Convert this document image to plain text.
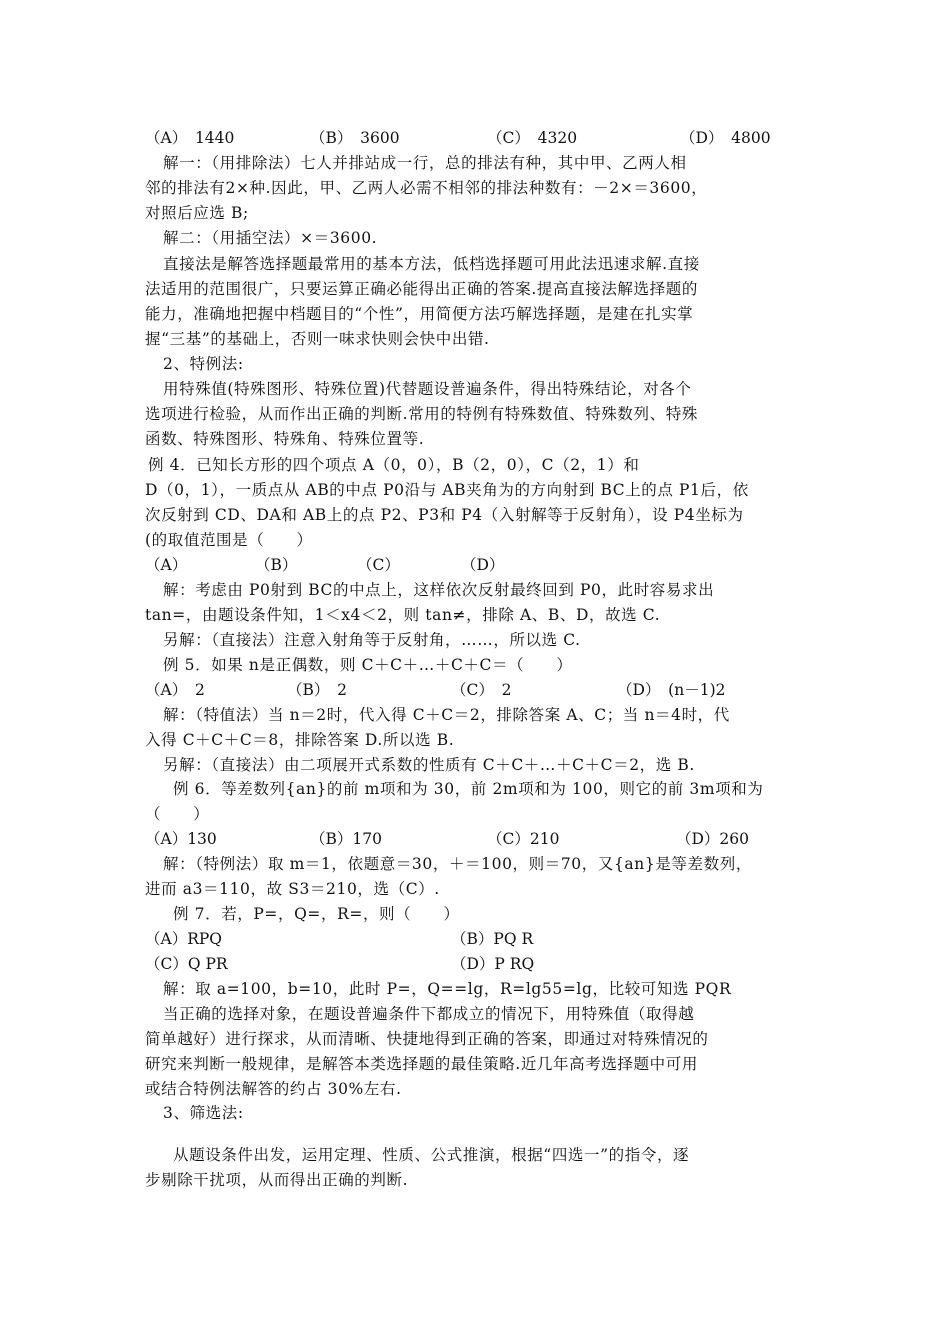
（A）　1440	（B）　3600	（C）　4320	（D）　4800
解一：（用排除法）七人并排站成一行，总的排法有种，其中甲、乙两人相
邻的排法有2×种.因此，甲、乙两人必需不相邻的排法种数有：－2×＝3600，
对照后应选 B;
解二：（用插空法）×＝3600.
直接法是解答选择题最常用的基本方法，低档选择题可用此法迅速求解.直接
法适用的范围很广，只要运算正确必能得出正确的答案.提高直接法解选择题的
能力，准确地把握中档题目的“个性”，用简便方法巧解选择题，是建在扎实掌
握“三基”的基础上，否则一味求快则会快中出错.
2、特例法:
用特殊值(特殊图形、特殊位置)代替题设普遍条件，得出特殊结论，对各个
选项进行检验，从而作出正确的判断.常用的特例有特殊数值、特殊数列、特殊
函数、特殊图形、特殊角、特殊位置等.
例 4．已知长方形的四个项点 A（0，0），B（2，0），C（2，1）和
D（0，1），一质点从 AB的中点 P0沿与 AB夹角为的方向射到 BC上的点 P1后，依
次反射到 CD、DA和 AB上的点 P2、P3和 P4（入射解等于反射角），设 P4坐标为
(的取值范围是（　　）
（A）	（B）	（C）	（D）
解：考虑由 P0射到 BC的中点上，这样依次反射最终回到 P0，此时容易求出
tan=，由题设条件知，1＜x4＜2，则 tan≠，排除 A、B、D，故选 C.
另解：（直接法）注意入射角等于反射角，……，所以选 C.
例 5．如果 n是正偶数，则 C＋C＋…＋C＋C＝（　　）
（A）　2	（B）　2	（C）　2	（D）　(n－1)2
解：（特值法）当 n＝2时，代入得 C＋C＝2，排除答案 A、C；当 n＝4时，代
入得 C＋C＋C＝8，排除答案 D.所以选 B.
另解：（直接法）由二项展开式系数的性质有 C＋C＋…＋C＋C＝2，选 B.
例 6．等差数列{an}的前 m项和为 30，前 2m项和为 100，则它的前 3m项和为
（　　）
（A）130	（B）170	（C）210	（D）260
解：（特例法）取 m＝1，依题意＝30，＋＝100，则＝70，又{an}是等差数列，
进而 a3＝110，故 S3＝210，选（C）.
例 7．若，P=，Q=，R=，则（　　）
（A）RPQ	（B）PQ R
（C）Q PR	（D）P RQ
解：取 a=100，b=10，此时 P=，Q==lg，R=lg55=lg，比较可知选 PQR
当正确的选择对象，在题设普遍条件下都成立的情况下，用特殊值（取得越
简单越好）进行探求，从而清晰、快捷地得到正确的答案，即通过对特殊情况的
研究来判断一般规律，是解答本类选择题的最佳策略.近几年高考选择题中可用
或结合特例法解答的约占 30%左右.
3、筛选法:
从题设条件出发，运用定理、性质、公式推演，根据“四选一”的指令，逐
步剔除干扰项，从而得出正确的判断.
